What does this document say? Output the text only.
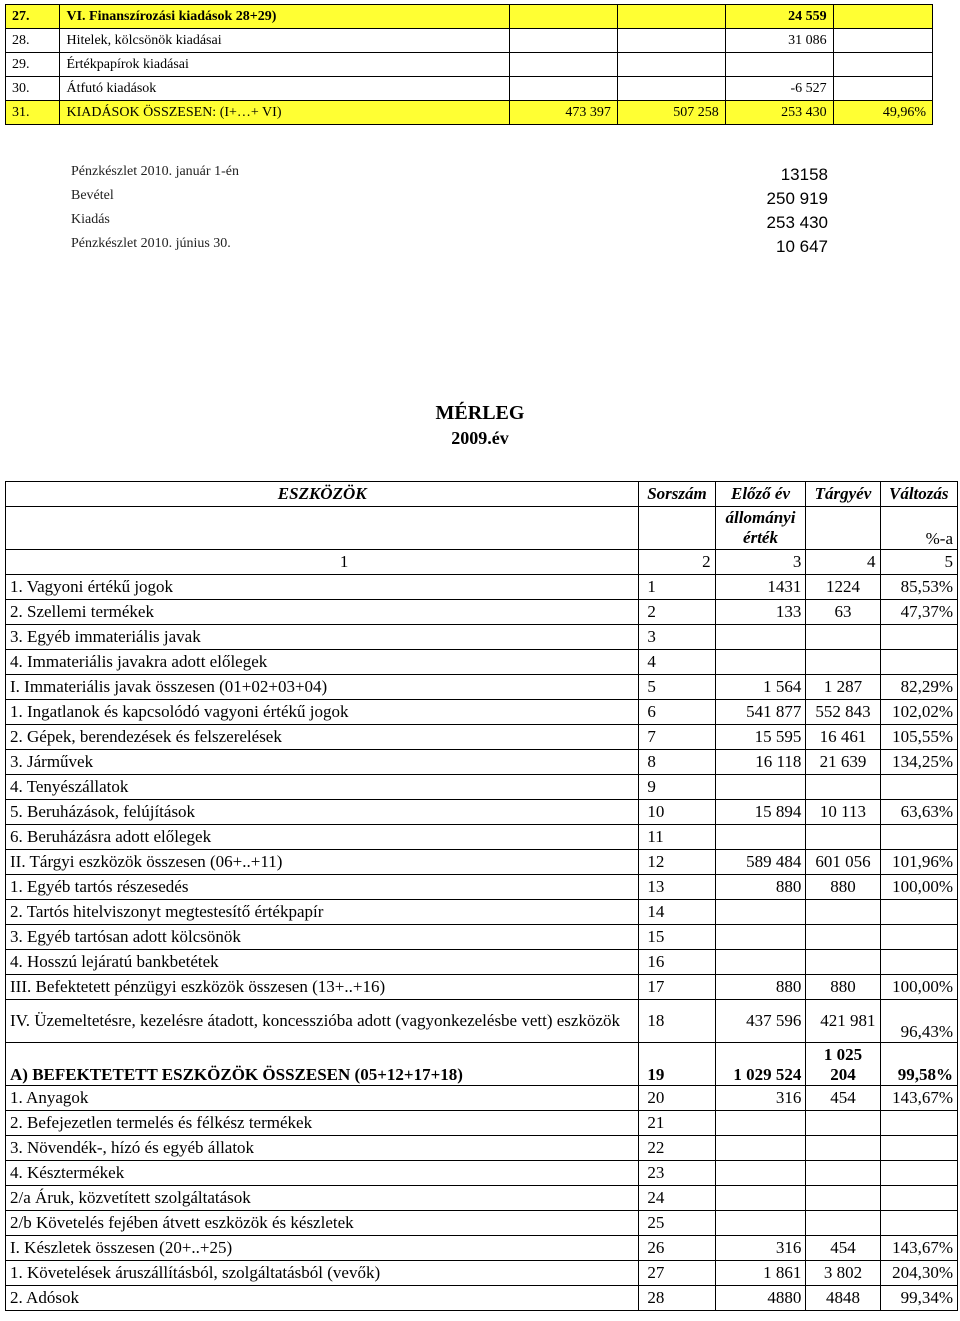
27.	VI. Finanszírozási kiadások 28+29)			24 559	
28.	Hitelek, kölcsönök kiadásai			31 086	
29.	Értékpapírok kiadásai				
30.	Átfutó kiadások			-6 527	
31.	KIADÁSOK ÖSSZESEN: (I+…+ VI)	473 397	507 258	253 430	49,96%
Pénzkészlet 2010. január 1-én	13158
Bevétel	250 919
Kiadás	253 430
Pénzkészlet 2010. június 30.	10 647
MÉRLEG
2009.év
ESZKÖZÖK	Sorszám	Előző év	Tárgyév	Változás
		állományi érték		%-a
1	2	3	4	5
1. Vagyoni értékű jogok	1	1431	1224	85,53%
2. Szellemi termékek	2	133	63	47,37%
3. Egyéb immateriális javak	3			
4. Immateriális javakra adott előlegek	4			
I. Immateriális javak összesen (01+02+03+04)	5	1 564	1 287	82,29%
1. Ingatlanok és kapcsolódó vagyoni értékű jogok	6	541 877	552 843	102,02%
2. Gépek, berendezések és felszerelések	7	15 595	16 461	105,55%
3. Járművek	8	16 118	21 639	134,25%
4. Tenyészállatok	9			
5. Beruházások, felújítások	10	15 894	10 113	63,63%
6. Beruházásra adott előlegek	11			
II. Tárgyi eszközök összesen (06+..+11)	12	589 484	601 056	101,96%
1. Egyéb tartós részesedés	13	880	880	100,00%
2. Tartós hitelviszonyt megtestesítő értékpapír	14			
3. Egyéb tartósan adott kölcsönök	15			
4. Hosszú lejáratú bankbetétek	16			
III. Befektetett pénzügyi eszközök összesen (13+..+16)	17	880	880	100,00%
IV. Üzemeltetésre, kezelésre átadott, koncesszióba adott (vagyonkezelésbe vett) eszközök	18	437 596	421 981	96,43%
A) BEFEKTETETT ESZKÖZÖK ÖSSZESEN (05+12+17+18)	19	1 029 524	1 025 204	99,58%
1. Anyagok	20	316	454	143,67%
2. Befejezetlen termelés és félkész termékek	21			
3. Növendék-, hízó és egyéb állatok	22			
4. Késztermékek	23			
2/a Áruk, közvetített szolgáltatások	24			
2/b Követelés fejében átvett eszközök és készletek	25			
I. Készletek összesen (20+..+25)	26	316	454	143,67%
1. Követelések áruszállításból, szolgáltatásból (vevők)	27	1 861	3 802	204,30%
2. Adósok	28	4880	4848	99,34%
